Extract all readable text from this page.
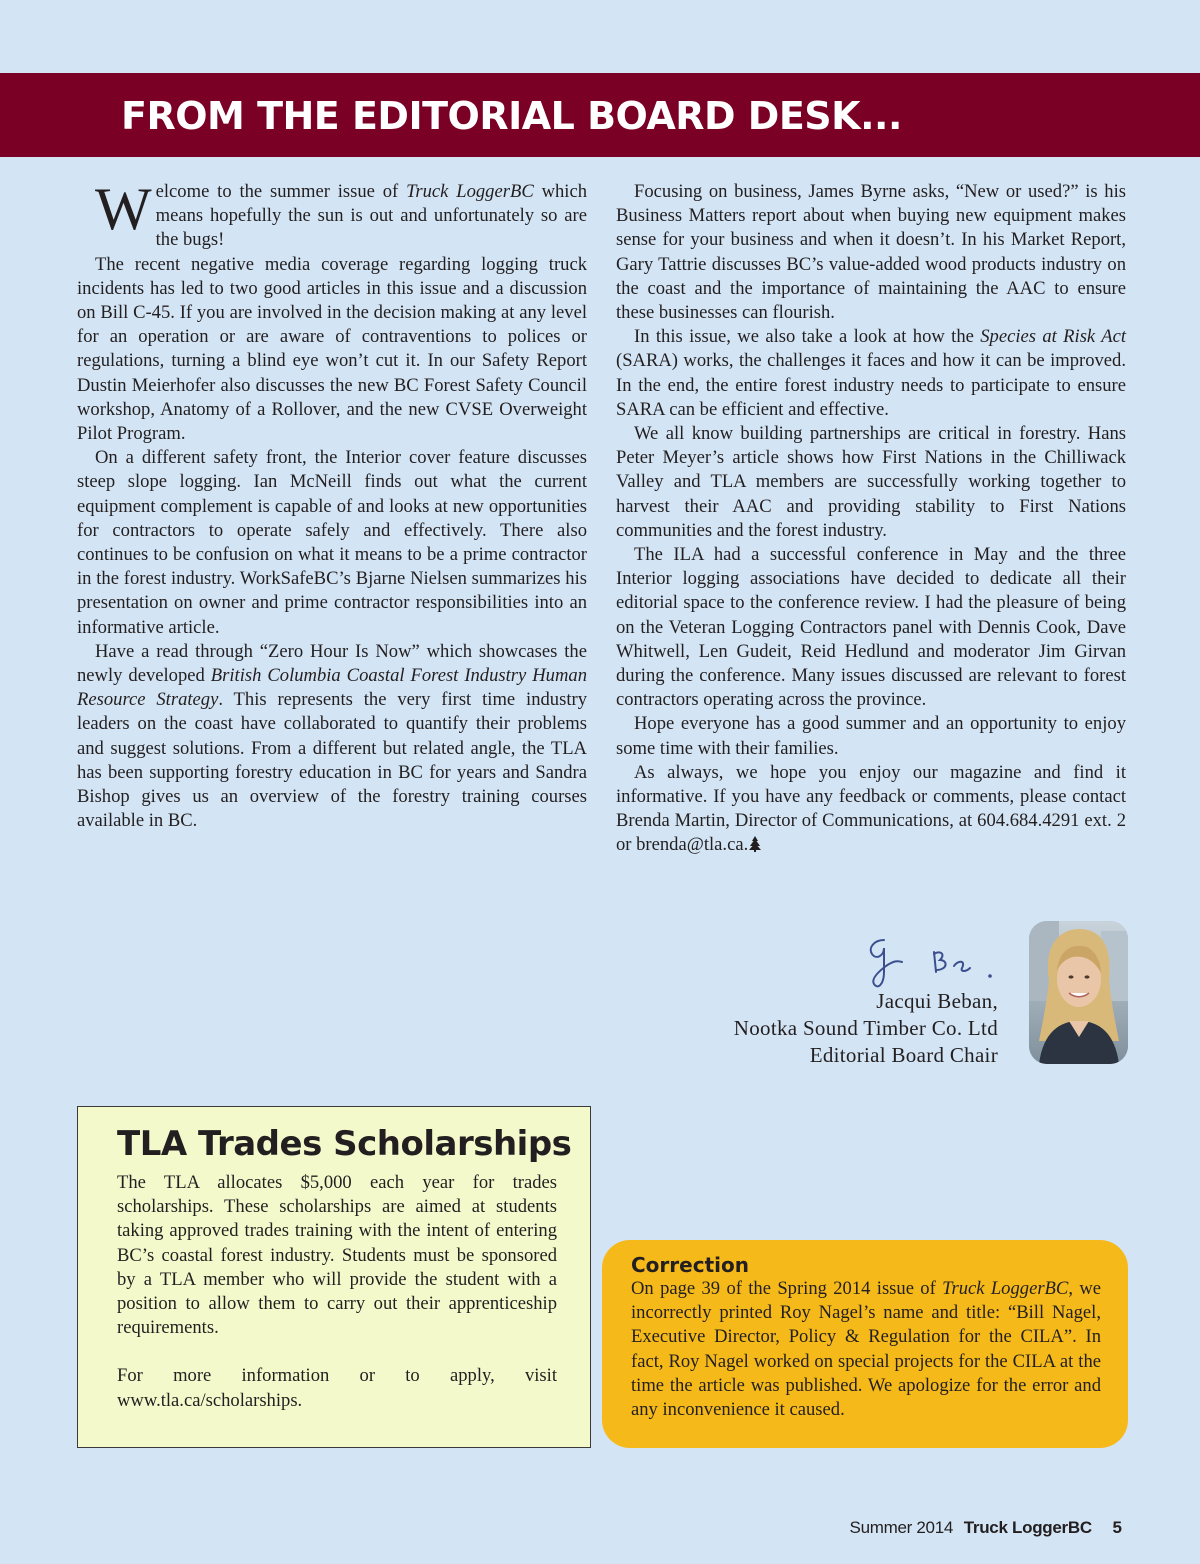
FROM THE EDITORIAL BOARD DESK...

Welcome to the summer issue of Truck LoggerBC which means hopefully the sun is out and unfortunately so are the bugs!

The recent negative media coverage regarding logging truck incidents has led to two good articles in this issue and a discussion on Bill C-45. If you are involved in the decision making at any level for an operation or are aware of contraventions to polices or regulations, turning a blind eye won’t cut it. In our Safety Report Dustin Meierhofer also discusses the new BC Forest Safety Council workshop, Anatomy of a Rollover, and the new CVSE Overweight Pilot Program.

On a different safety front, the Interior cover feature discusses steep slope logging. Ian McNeill finds out what the current equipment complement is capable of and looks at new opportunities for contractors to operate safely and effectively. There also continues to be confusion on what it means to be a prime contractor in the forest industry. WorkSafeBC’s Bjarne Nielsen summarizes his presentation on owner and prime contractor responsibilities into an informative article.

Have a read through “Zero Hour Is Now” which showcases the newly developed British Columbia Coastal Forest Industry Human Resource Strategy. This represents the very first time industry leaders on the coast have collaborated to quantify their problems and suggest solutions. From a different but related angle, the TLA has been supporting forestry education in BC for years and Sandra Bishop gives us an overview of the forestry training courses available in BC.

Focusing on business, James Byrne asks, “New or used?” is his Business Matters report about when buying new equipment makes sense for your business and when it doesn’t. In his Market Report, Gary Tattrie discusses BC’s value-added wood products industry on the coast and the importance of maintaining the AAC to ensure these businesses can flourish.

In this issue, we also take a look at how the Species at Risk Act (SARA) works, the challenges it faces and how it can be improved. In the end, the entire forest industry needs to participate to ensure SARA can be efficient and effective.

We all know building partnerships are critical in forestry. Hans Peter Meyer’s article shows how First Nations in the Chilliwack Valley and TLA members are successfully working together to harvest their AAC and providing stability to First Nations communities and the forest industry.

The ILA had a successful conference in May and the three Interior logging associations have decided to dedicate all their editorial space to the conference review. I had the pleasure of being on the Veteran Logging Contractors panel with Dennis Cook, Dave Whitwell, Len Gudeit, Reid Hedlund and moderator Jim Girvan during the conference. Many issues discussed are relevant to forest contractors operating across the province.

Hope everyone has a good summer and an opportunity to enjoy some time with their families.

As always, we hope you enjoy our magazine and find it informative. If you have any feedback or comments, please contact Brenda Martin, Director of Communications, at 604.684.4291 ext. 2 or brenda@tla.ca.

Jacqui Beban,
Nootka Sound Timber Co. Ltd
Editorial Board Chair
TLA Trades Scholarships

The TLA allocates $5,000 each year for trades scholarships. These scholarships are aimed at students taking approved trades training with the intent of entering BC’s coastal forest industry. Students must be sponsored by a TLA member who will provide the student with a position to allow them to carry out their apprenticeship requirements.

For more information or to apply, visit www.tla.ca/scholarships.

Correction

On page 39 of the Spring 2014 issue of Truck LoggerBC, we incorrectly printed Roy Nagel’s name and title: “Bill Nagel, Executive Director, Policy & Regulation for the CILA”. In fact, Roy Nagel worked on special projects for the CILA at the time the article was published. We apologize for the error and any inconvenience it caused.

Summer 2014 Truck LoggerBC 5
